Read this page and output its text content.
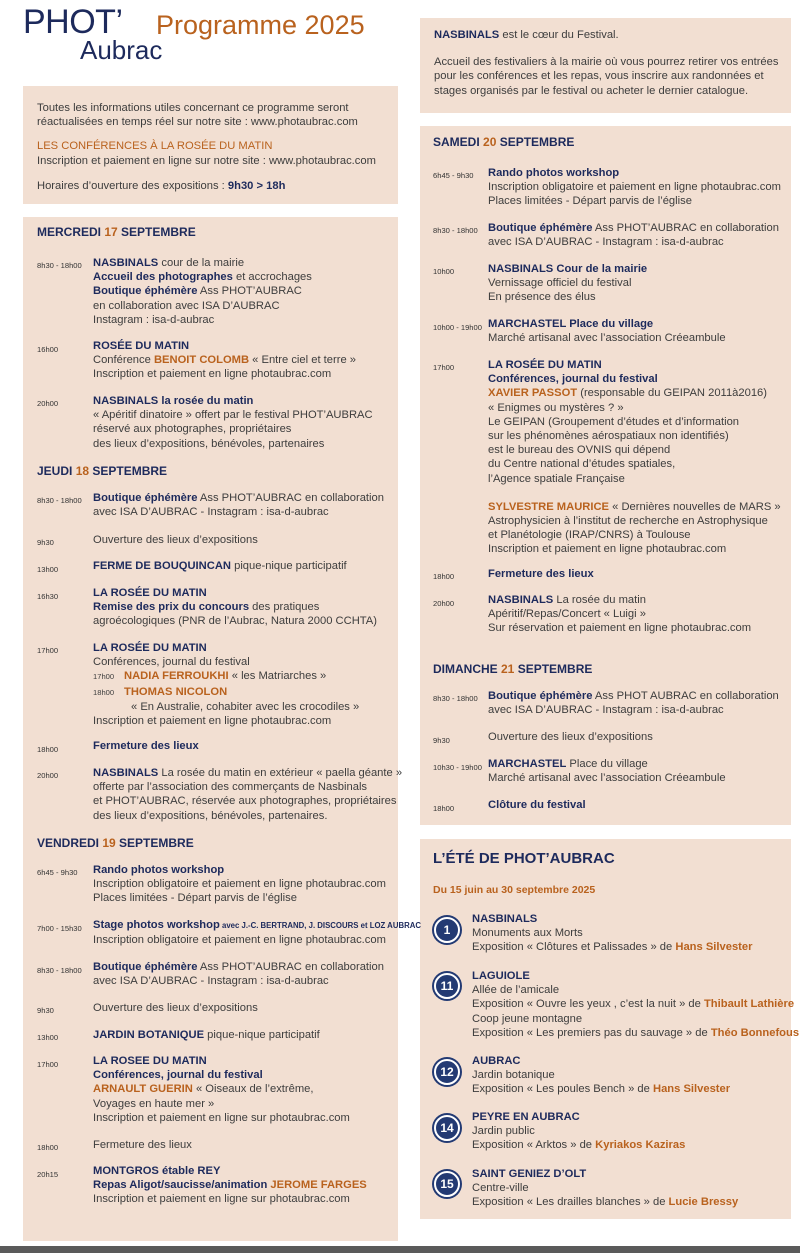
PHOT’
Aubrac
Programme 2025
Toutes les informations utiles concernant ce programme seront
réactualisées en temps réel sur notre site : www.photaubrac.com
LES CONFÉRENCES À LA ROSÉE DU MATIN
Inscription et paiement en ligne sur notre site : www.photaubrac.com
Horaires d’ouverture des expositions : 9h30 > 18h
NASBINALS est le cœur du Festival.
Accueil des festivaliers à la mairie où vous pourrez retirer vos entrées
pour les conférences et les repas, vous inscrire aux randonnées et
stages organisés par le festival ou acheter le dernier catalogue.
MERCREDI 17 SEPTEMBRE
8h30 - 18h00 NASBINALS cour de la mairie
Accueil des photographes et accrochages
Boutique éphémère Ass PHOT’AUBRAC
en collaboration avec ISA D’AUBRAC
Instagram : isa-d-aubrac
16h00	ROSÉE DU MATIN
Conférence BENOIT COLOMB « Entre ciel et terre »
Inscription et paiement en ligne photaubrac.com
20h00	NASBINALS la rosée du matin
« Apéritif dinatoire » offert par le festival PHOT’AUBRAC
réservé aux photographes, propriétaires
des lieux d’expositions, bénévoles, partenaires
JEUDI 18 SEPTEMBRE
8h30 - 18h00 Boutique éphémère Ass PHOT’AUBRAC en collaboration
avec ISA D’AUBRAC - Instagram : isa-d-aubrac
9h30	Ouverture des lieux d’expositions
13h00	FERME DE BOUQUINCAN pique-nique participatif
16h30	LA ROSÉE DU MATIN
Remise des prix du concours des pratiques
agroécologiques (PNR de l’Aubrac, Natura 2000 CCHTA)
17h00	LA ROSÉE DU MATIN
Conférences, journal du festival
17h00 NADIA FERROUKHI « les Matriarches »
18h00 THOMAS NICOLON
« En Australie, cohabiter avec les crocodiles »
Inscription et paiement en ligne photaubrac.com
18h00	Fermeture des lieux
20h00	NASBINALS La rosée du matin en extérieur « paella géante »
offerte par l’association des commerçants de Nasbinals
et PHOT’AUBRAC, réservée aux photographes, propriétaires
des lieux d’expositions, bénévoles, partenaires.
VENDREDI 19 SEPTEMBRE
6h45 - 9h30 Rando photos workshop
Inscription obligatoire et paiement en ligne photaubrac.com
Places limitées - Départ parvis de l’église
7h00 - 15h30 Stage photos workshop avec J.-C. BERTRAND, J. DISCOURS et LOZ AUBRAC
Inscription obligatoire et paiement en ligne photaubrac.com
8h30 - 18h00 Boutique éphémère Ass PHOT’AUBRAC en collaboration
avec ISA D’AUBRAC - Instagram : isa-d-aubrac
9h30	Ouverture des lieux d’expositions
13h00	JARDIN BOTANIQUE pique-nique participatif
17h00	LA ROSEE DU MATIN
Conférences, journal du festival
ARNAULT GUERIN « Oiseaux de l’extrême,
Voyages en haute mer »
Inscription et paiement en ligne sur photaubrac.com
18h00	Fermeture des lieux
20h15	MONTGROS étable REY
Repas Aligot/saucisse/animation JEROME FARGES
Inscription et paiement en ligne sur photaubrac.com
SAMEDI 20 SEPTEMBRE
6h45 - 9h30 Rando photos workshop
Inscription obligatoire et paiement en ligne photaubrac.com
Places limitées - Départ parvis de l’église
8h30 - 18h00 Boutique éphémère Ass PHOT’AUBRAC en collaboration
avec ISA D’AUBRAC - Instagram : isa-d-aubrac
10h00	NASBINALS Cour de la mairie
Vernissage officiel du festival
En présence des élus
10h00 - 19h00 MARCHASTEL Place du village
Marché artisanal avec l’association Créeambule
17h00	LA ROSÉE DU MATIN
Conférences, journal du festival
XAVIER PASSOT (responsable du GEIPAN 2011à2016)
« Enigmes ou mystères ? »
Le GEIPAN (Groupement d’études et d’information
sur les phénomènes aérospatiaux non identifiés)
est le bureau des OVNIS qui dépend
du Centre national d’études spatiales,
l’Agence spatiale Française
SYLVESTRE MAURICE « Dernières nouvelles de MARS »
Astrophysicien à l’institut de recherche en Astrophysique
et Planétologie (IRAP/CNRS) à Toulouse
Inscription et paiement en ligne photaubrac.com
18h00	Fermeture des lieux
20h00	NASBINALS La rosée du matin
Apéritif/Repas/Concert « Luigi »
Sur réservation et paiement en ligne photaubrac.com
DIMANCHE 21 SEPTEMBRE
8h30 - 18h00 Boutique éphémère Ass PHOT AUBRAC en collaboration
avec ISA D’AUBRAC - Instagram : isa-d-aubrac
9h30	Ouverture des lieux d’expositions
10h30 - 19h00 MARCHASTEL Place du village
Marché artisanal avec l’association Créeambule
18h00	Clôture du festival
L’ÉTÉ DE PHOT’AUBRAC
Du 15 juin au 30 septembre 2025
1
NASBINALS
Monuments aux Morts
Exposition « Clôtures et Palissades » de Hans Silvester
11
LAGUIOLE
Allée de l’amicale
Exposition « Ouvre les yeux , c’est la nuit » de Thibault Lathière
Coop jeune montagne
Exposition « Les premiers pas du sauvage » de Théo Bonnefous
12
AUBRAC
Jardin botanique
Exposition « Les poules Bench » de Hans Silvester
14
PEYRE EN AUBRAC
Jardin public
Exposition « Arktos » de Kyriakos Kaziras
15
SAINT GENIEZ D’OLT
Centre-ville
Exposition « Les drailles blanches » de Lucie Bressy
